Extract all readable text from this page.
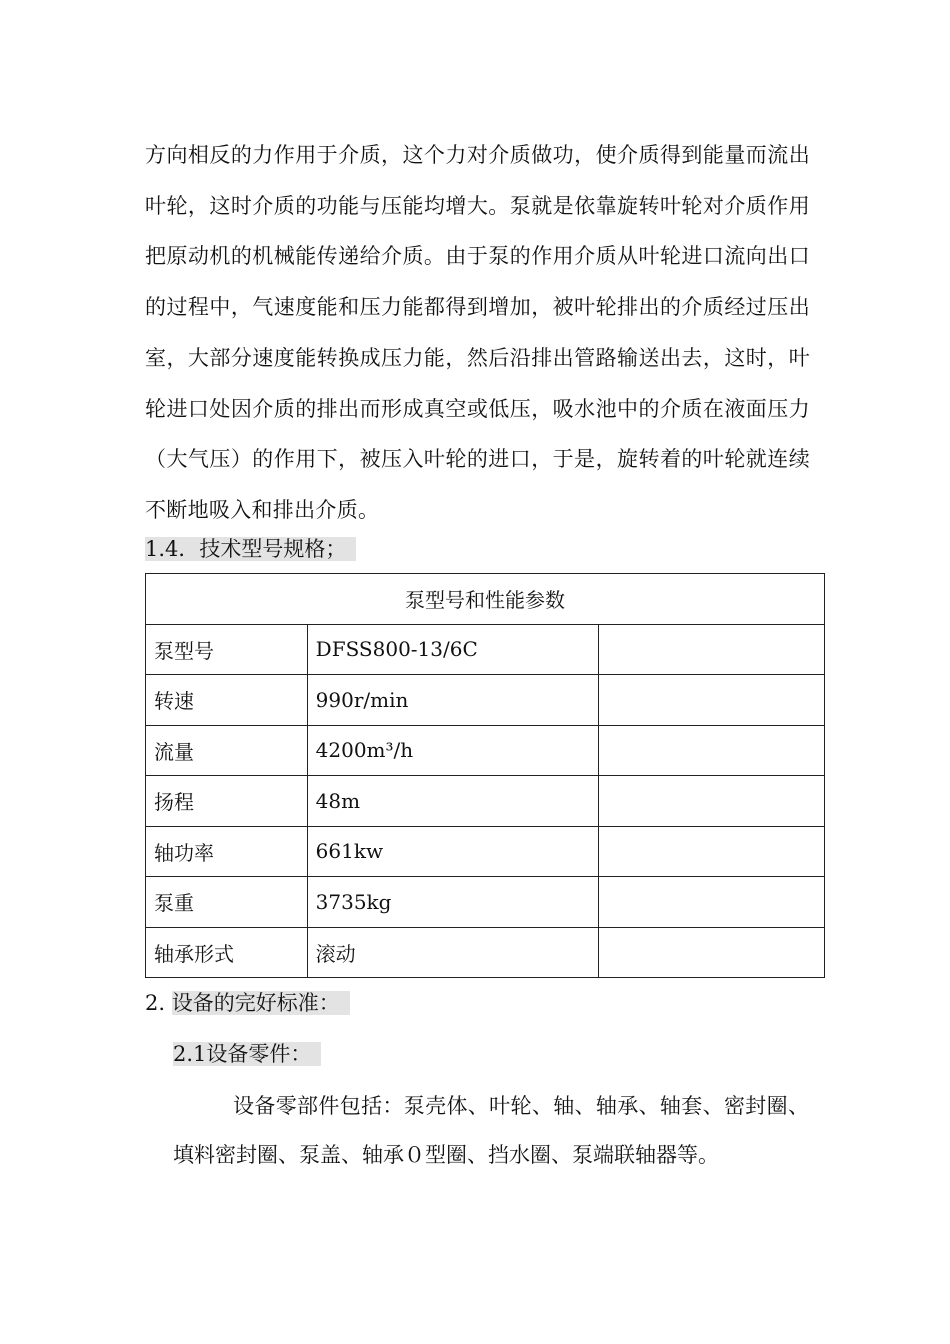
方向相反的力作用于介质，这个力对介质做功，使介质得到能量而流出叶轮，这时介质的功能与压能均增大。泵就是依靠旋转叶轮对介质作用把原动机的机械能传递给介质。由于泵的作用介质从叶轮进口流向出口的过程中，气速度能和压力能都得到增加，被叶轮排出的介质经过压出室，大部分速度能转换成压力能，然后沿排出管路输送出去，这时，叶轮进口处因介质的排出而形成真空或低压，吸水池中的介质在液面压力（大气压）的作用下，被压入叶轮的进口，于是，旋转着的叶轮就连续不断地吸入和排出介质。

1.4．技术型号规格；
泵型号和性能参数		
泵型号	DFSS800-13/6C	
转速	990r/min	
流量	4200m³/h	
扬程	48m	
轴功率	661kw	
泵重	3735kg	
轴承形式	滚动	
2. 设备的完好标准：
2.1设备零件：

设备零部件包括：泵壳体、叶轮、轴、轴承、轴套、密封圈、填料密封圈、泵盖、轴承０型圈、挡水圈、泵端联轴器等。
